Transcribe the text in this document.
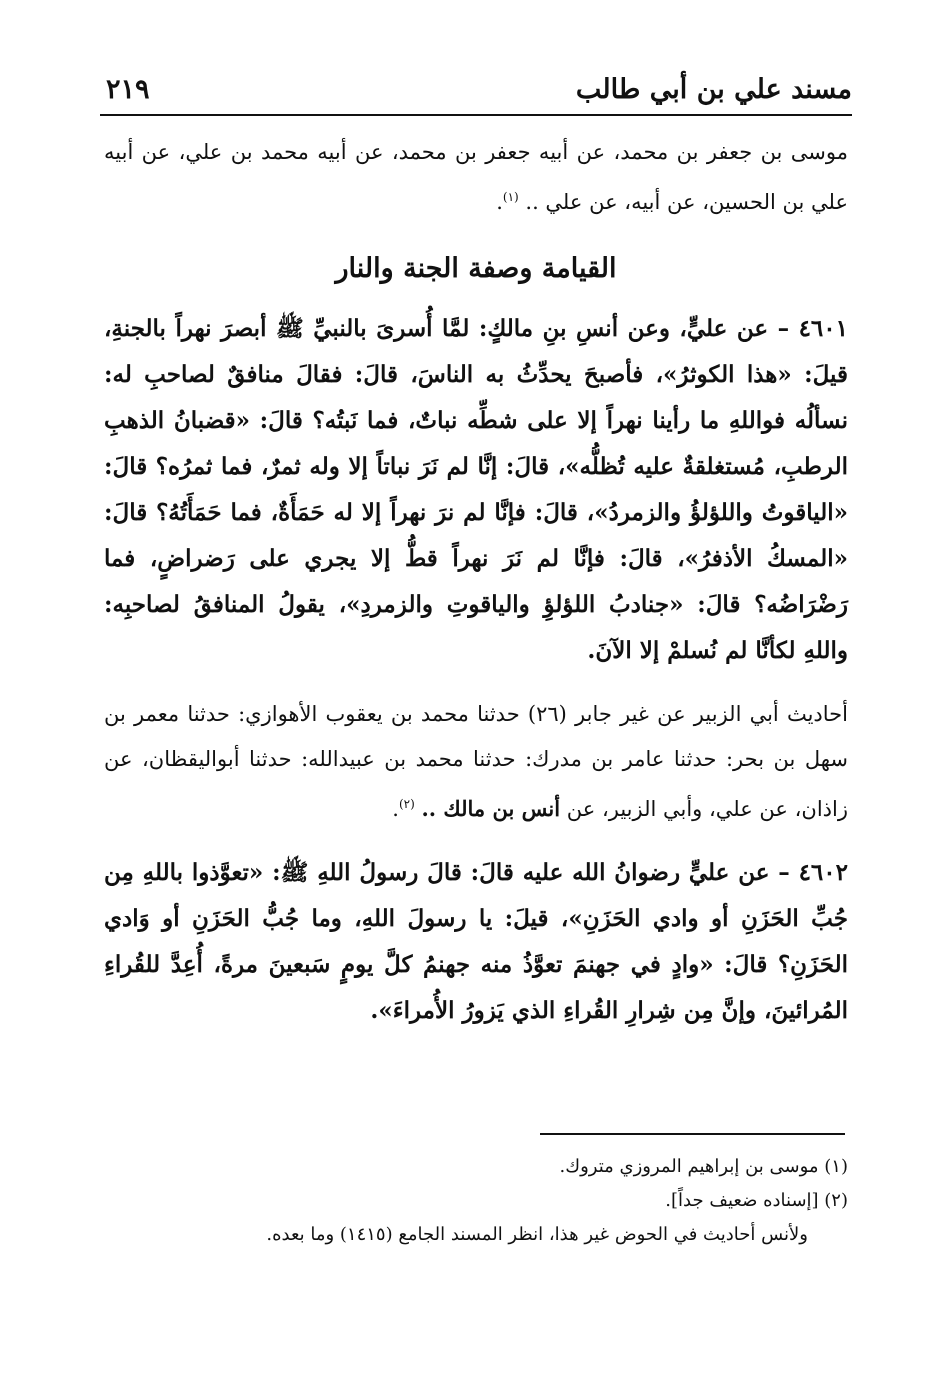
مسند علي بن أبي طالب
٢١٩

موسى بن جعفر بن محمد، عن أبيه جعفر بن محمد، عن أبيه محمد بن علي، عن أبيه علي بن الحسين، عن أبيه، عن علي .. $^{(١)}$.

القيامة وصفة الجنة والنار

٤٦٠١ – عن عليٍّ، وعن أنسِ بنِ مالكٍ: لمَّا أُسرىَ بالنبيِّ ﷺ أبصرَ نهراً بالجنةِ، قيلَ: «هذا الكوثرُ»، فأصبحَ يحدِّثُ به الناسَ، قالَ: فقالَ منافقٌ لصاحبِ له: نسألُه فواللهِ ما رأينا نهراً إلا على شطِّه نباتٌ، فما نَبتُه؟ قالَ: «قضبانُ الذهبِ الرطبِ، مُستغلقةٌ عليه تُظلُّه»، قالَ: إنَّا لم نَرَ نباتاً إلا وله ثمرٌ، فما ثمرُه؟ قالَ: «الياقوتُ واللؤلؤُ والزمردُ»، قالَ: فإنَّا لم نرَ نهراً إلا له حَمَأَةٌ، فما حَمَأَتُهُ؟ قالَ: «المسكُ الأذفرُ»، قالَ: فإنَّا لم نَرَ نهراً قطُّ إلا يجري على رَضراضٍ، فما رَضْرَاضُه؟ قالَ: «جنادبُ اللؤلؤِ والياقوتِ والزمردِ»، يقولُ المنافقُ لصاحبِه: واللهِ لكأنَّا لم نُسلمْ إلا الآنَ.

أحاديث أبي الزبير عن غير جابر (٢٦) حدثنا محمد بن يعقوب الأهوازي: حدثنا معمر بن سهل بن بحر: حدثنا عامر بن مدرك: حدثنا محمد بن عبيدالله: حدثنا أبواليقظان، عن زاذان، عن علي، وأبي الزبير، عن أنس بن مالك .. $^{(٢)}$.

٤٦٠٢ – عن عليٍّ رضوانُ الله عليه قالَ: قالَ رسولُ اللهِ ﷺ: «تعوَّذوا باللهِ مِن جُبِّ الحَزَنِ أو وادي الحَزَنِ»، قيلَ: يا رسولَ اللهِ، وما جُبُّ الحَزَنِ أو وَادي الحَزَنِ؟ قالَ: «وادٍ في جهنمَ تعوَّذُ منه جهنمُ كلَّ يومٍ سَبعينَ مرةً، أُعِدَّ للقُراءِ المُرائينَ، وإنَّ مِن شِرارِ القُراءِ الذي يَزورُ الأُمراءَ».

(١) موسى بن إبراهيم المروزي متروك.

(٢) [إسناده ضعيف جداً].

ولأنس أحاديث في الحوض غير هذا، انظر المسند الجامع (١٤١٥) وما بعده.
